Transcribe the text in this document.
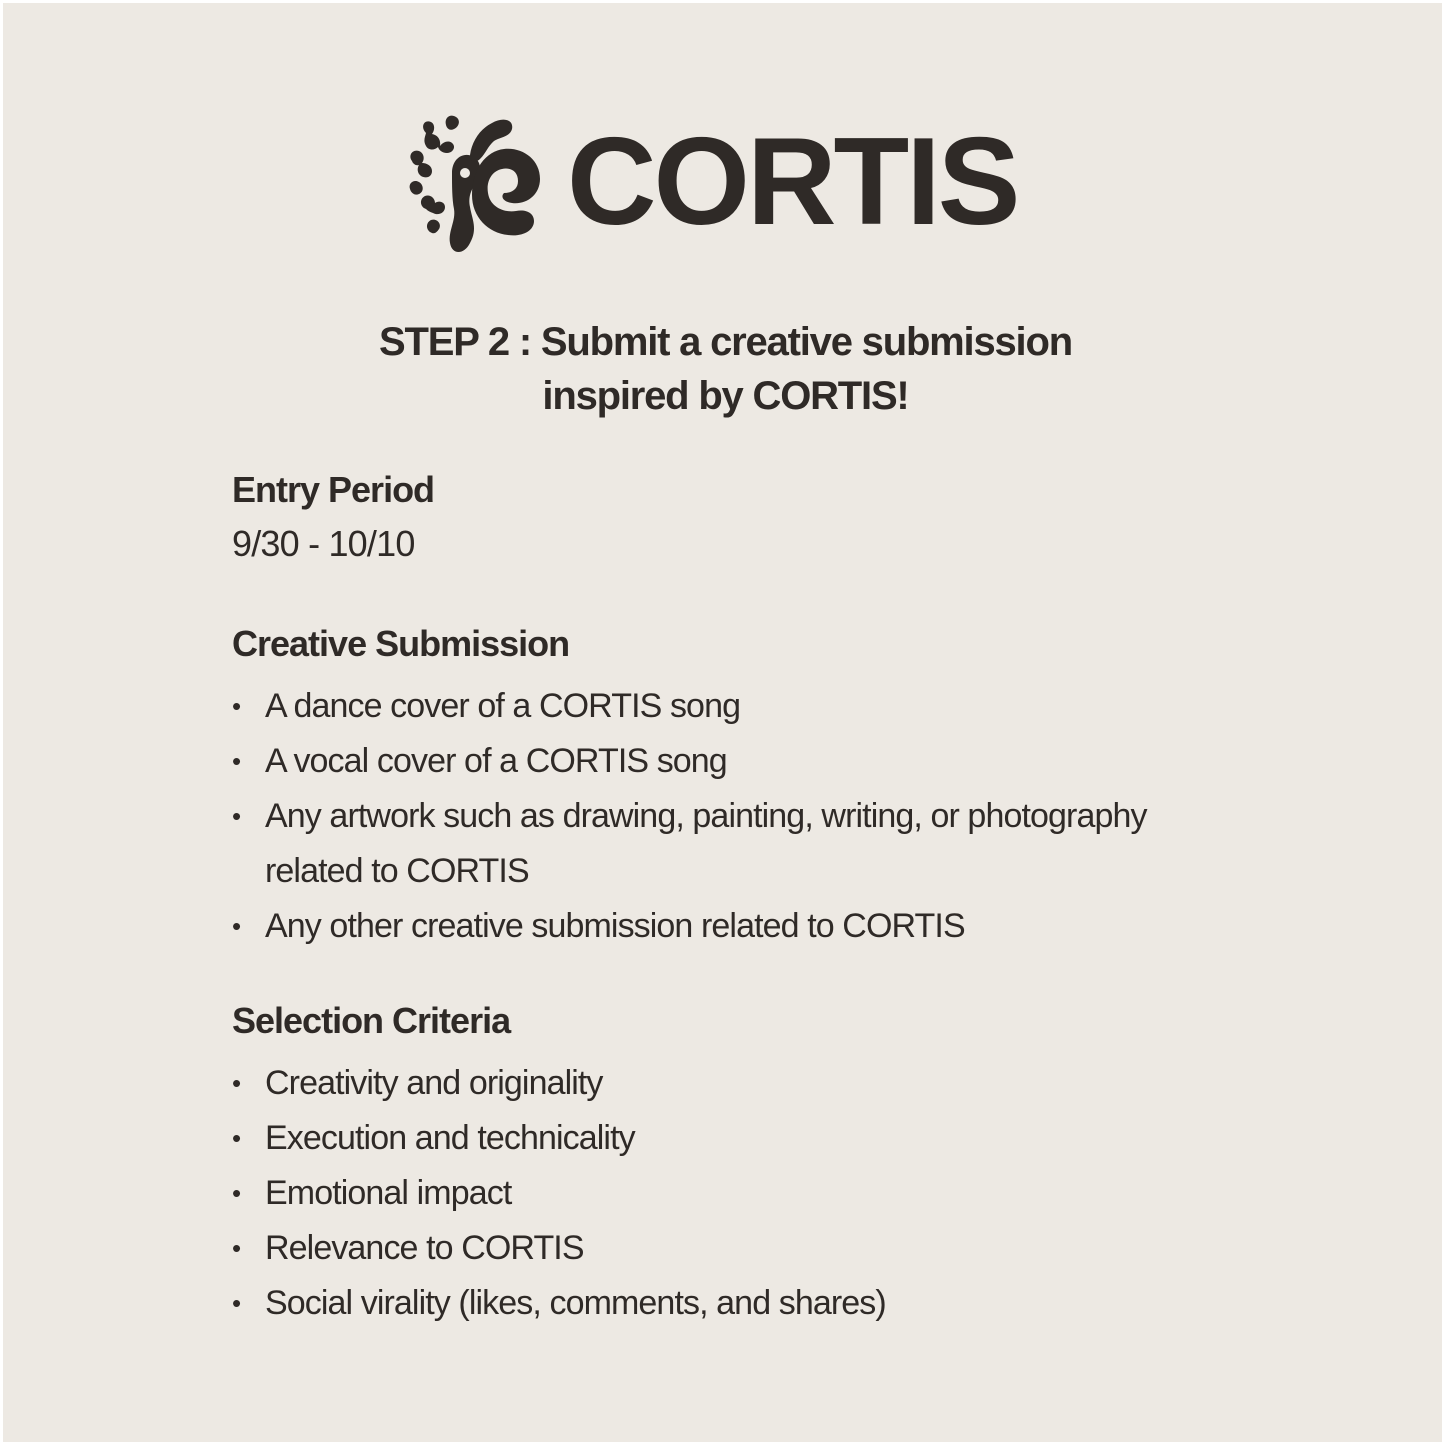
CORTIS
STEP 2 : Submit a creative submission
inspired by CORTIS!
Entry Period

9/30 - 10/10

Creative Submission
• A dance cover of a CORTIS song
• A vocal cover of a CORTIS song
• Any artwork such as drawing, painting, writing, or photography related to CORTIS
• Any other creative submission related to CORTIS
Selection Criteria
• Creativity and originality
• Execution and technicality
• Emotional impact
• Relevance to CORTIS
• Social virality (likes, comments, and shares)
